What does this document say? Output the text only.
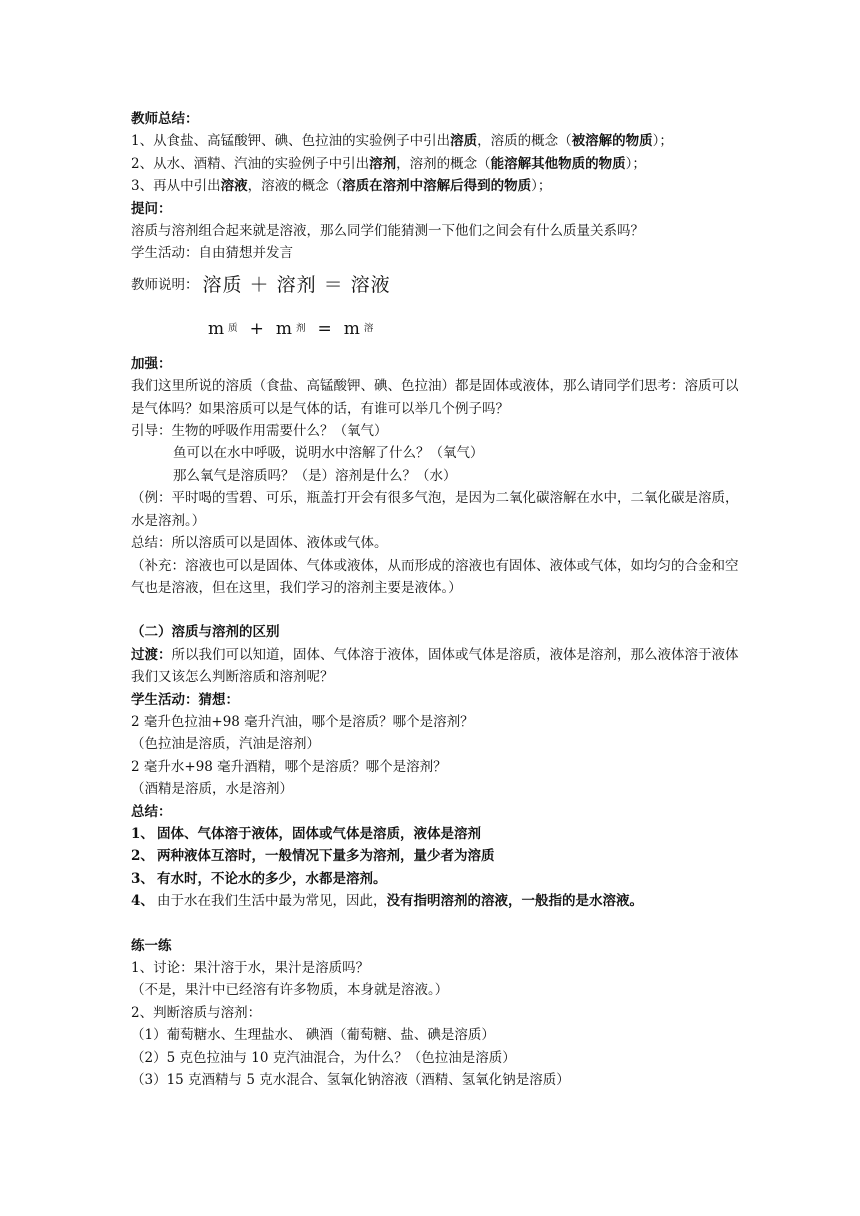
教师总结：
1、从食盐、高锰酸钾、碘、色拉油的实验例子中引出溶质，溶质的概念（被溶解的物质）；
2、从水、酒精、汽油的实验例子中引出溶剂，溶剂的概念（能溶解其他物质的物质）；
3、再从中引出溶液，溶液的概念（溶质在溶剂中溶解后得到的物质）；
提问：
溶质与溶剂组合起来就是溶液，那么同学们能猜测一下他们之间会有什么质量关系吗？
学生活动：自由猜想并发言
教师说明： 溶质 ＋ 溶剂 ＝ 溶液
m 质 + m 剂 = m 溶
加强：
我们这里所说的溶质（食盐、高锰酸钾、碘、色拉油）都是固体或液体，那么请同学们思考：溶质可以是气体吗？如果溶质可以是气体的话，有谁可以举几个例子吗？
引导：生物的呼吸作用需要什么？（氧气）
鱼可以在水中呼吸，说明水中溶解了什么？（氧气）
那么氧气是溶质吗？（是）溶剂是什么？（水）
（例：平时喝的雪碧、可乐，瓶盖打开会有很多气泡，是因为二氧化碳溶解在水中，二氧化碳是溶质，水是溶剂。）
总结：所以溶质可以是固体、液体或气体。
（补充：溶液也可以是固体、气体或液体，从而形成的溶液也有固体、液体或气体，如均匀的合金和空气也是溶液，但在这里，我们学习的溶剂主要是液体。）
（二）溶质与溶剂的区别
过渡：所以我们可以知道，固体、气体溶于液体，固体或气体是溶质，液体是溶剂，那么液体溶于液体我们又该怎么判断溶质和溶剂呢？
学生活动：猜想：
2 毫升色拉油+98 毫升汽油，哪个是溶质？哪个是溶剂？
（色拉油是溶质，汽油是溶剂）
2 毫升水+98 毫升酒精，哪个是溶质？哪个是溶剂？
（酒精是溶质，水是溶剂）
总结：
1、 固体、气体溶于液体，固体或气体是溶质，液体是溶剂
2、 两种液体互溶时，一般情况下量多为溶剂，量少者为溶质
3、 有水时，不论水的多少，水都是溶剂。
4、 由于水在我们生活中最为常见，因此， 没有指明溶剂的溶液，一般指的是水溶液。
练一练
1、讨论：果汁溶于水，果汁是溶质吗？
（不是，果汁中已经溶有许多物质，本身就是溶液。）
2、判断溶质与溶剂：
（1）葡萄糖水、生理盐水、 碘酒（葡萄糖、盐、碘是溶质）
（2）5 克色拉油与 10 克汽油混合，为什么？（色拉油是溶质）
（3）15 克酒精与 5 克水混合、氢氧化钠溶液（酒精、氢氧化钠是溶质）
